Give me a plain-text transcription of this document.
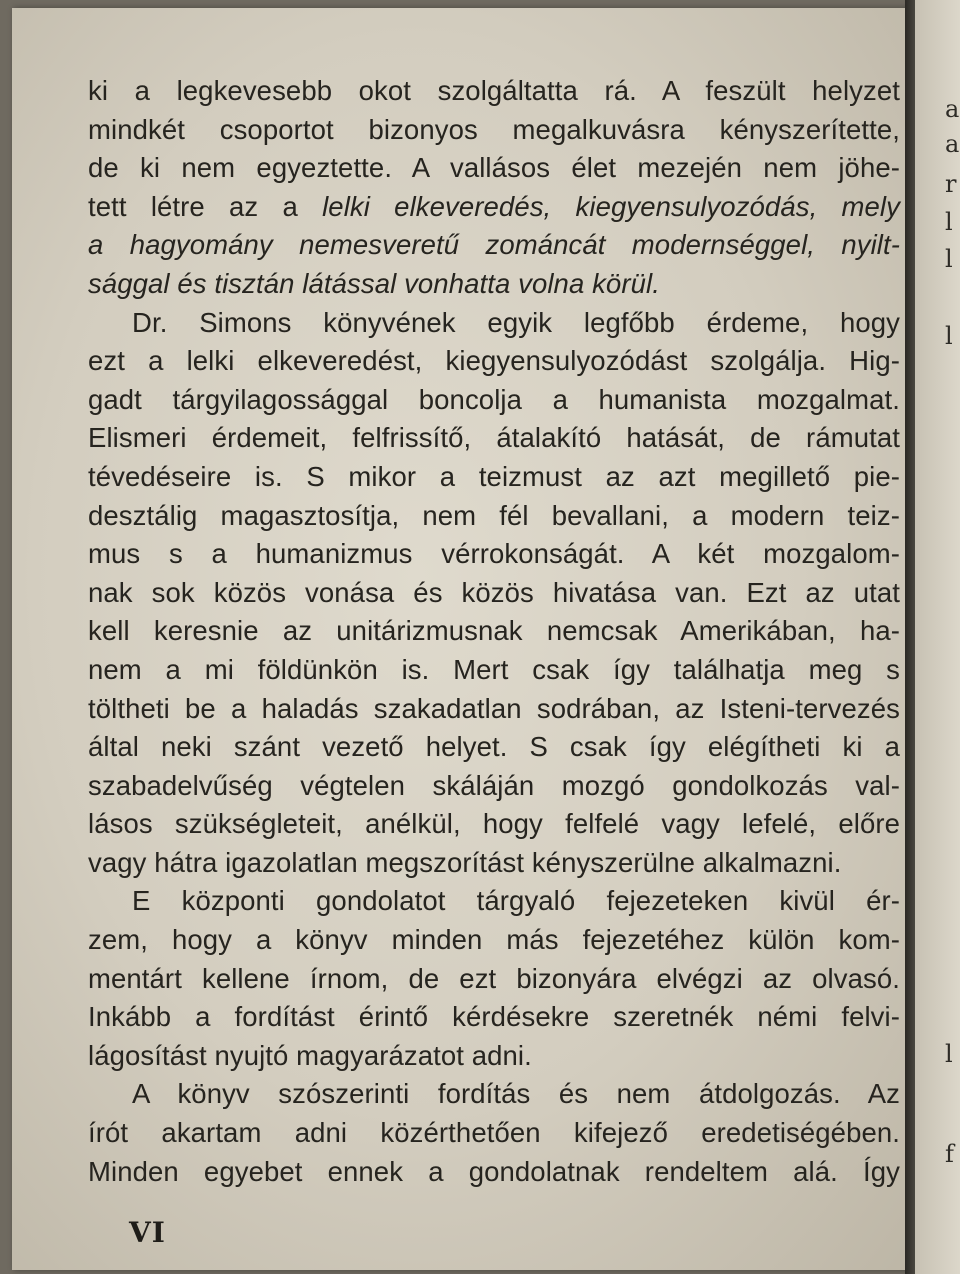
ki a legkevesebb okot szolgáltatta rá. A feszült helyzet
mindkét csoportot bizonyos megalkuvásra kényszerítette,
de ki nem egyeztette. A vallásos élet mezején nem jöhe-
tett létre az a lelki elkeveredés, kiegyensulyozódás, mely
a hagyomány nemesveretű zománcát modernséggel, nyilt-
sággal és tisztán látással vonhatta volna körül.
Dr. Simons könyvének egyik legfőbb érdeme, hogy
ezt a lelki elkeveredést, kiegyensulyozódást szolgálja. Hig-
gadt tárgyilagossággal boncolja a humanista mozgalmat.
Elismeri érdemeit, felfrissítő, átalakító hatását, de rámutat
tévedéseire is. S mikor a teizmust az azt megillető pie-
desztálig magasztosítja, nem fél bevallani, a modern teiz-
mus s a humanizmus vérrokonságát. A két mozgalom-
nak sok közös vonása és közös hivatása van. Ezt az utat
kell keresnie az unitárizmusnak nemcsak Amerikában, ha-
nem a mi földünkön is. Mert csak így találhatja meg s
töltheti be a haladás szakadatlan sodrában, az Isteni-tervezés
által neki szánt vezető helyet. S csak így elégítheti ki a
szabadelvűség végtelen skáláján mozgó gondolkozás val-
lásos szükségleteit, anélkül, hogy felfelé vagy lefelé, előre
vagy hátra igazolatlan megszorítást kényszerülne alkalmazni.
E központi gondolatot tárgyaló fejezeteken kivül ér-
zem, hogy a könyv minden más fejezetéhez külön kom-
mentárt kellene írnom, de ezt bizonyára elvégzi az olvasó.
Inkább a fordítást érintő kérdésekre szeretnék némi felvi-
lágosítást nyujtó magyarázatot adni.
A könyv szószerinti fordítás és nem átdolgozás. Az
írót akartam adni közérthetően kifejező eredetiségében.
Minden egyebet ennek a gondolatnak rendeltem alá. Így
VI
a
a
r
l
l
l
l
f
